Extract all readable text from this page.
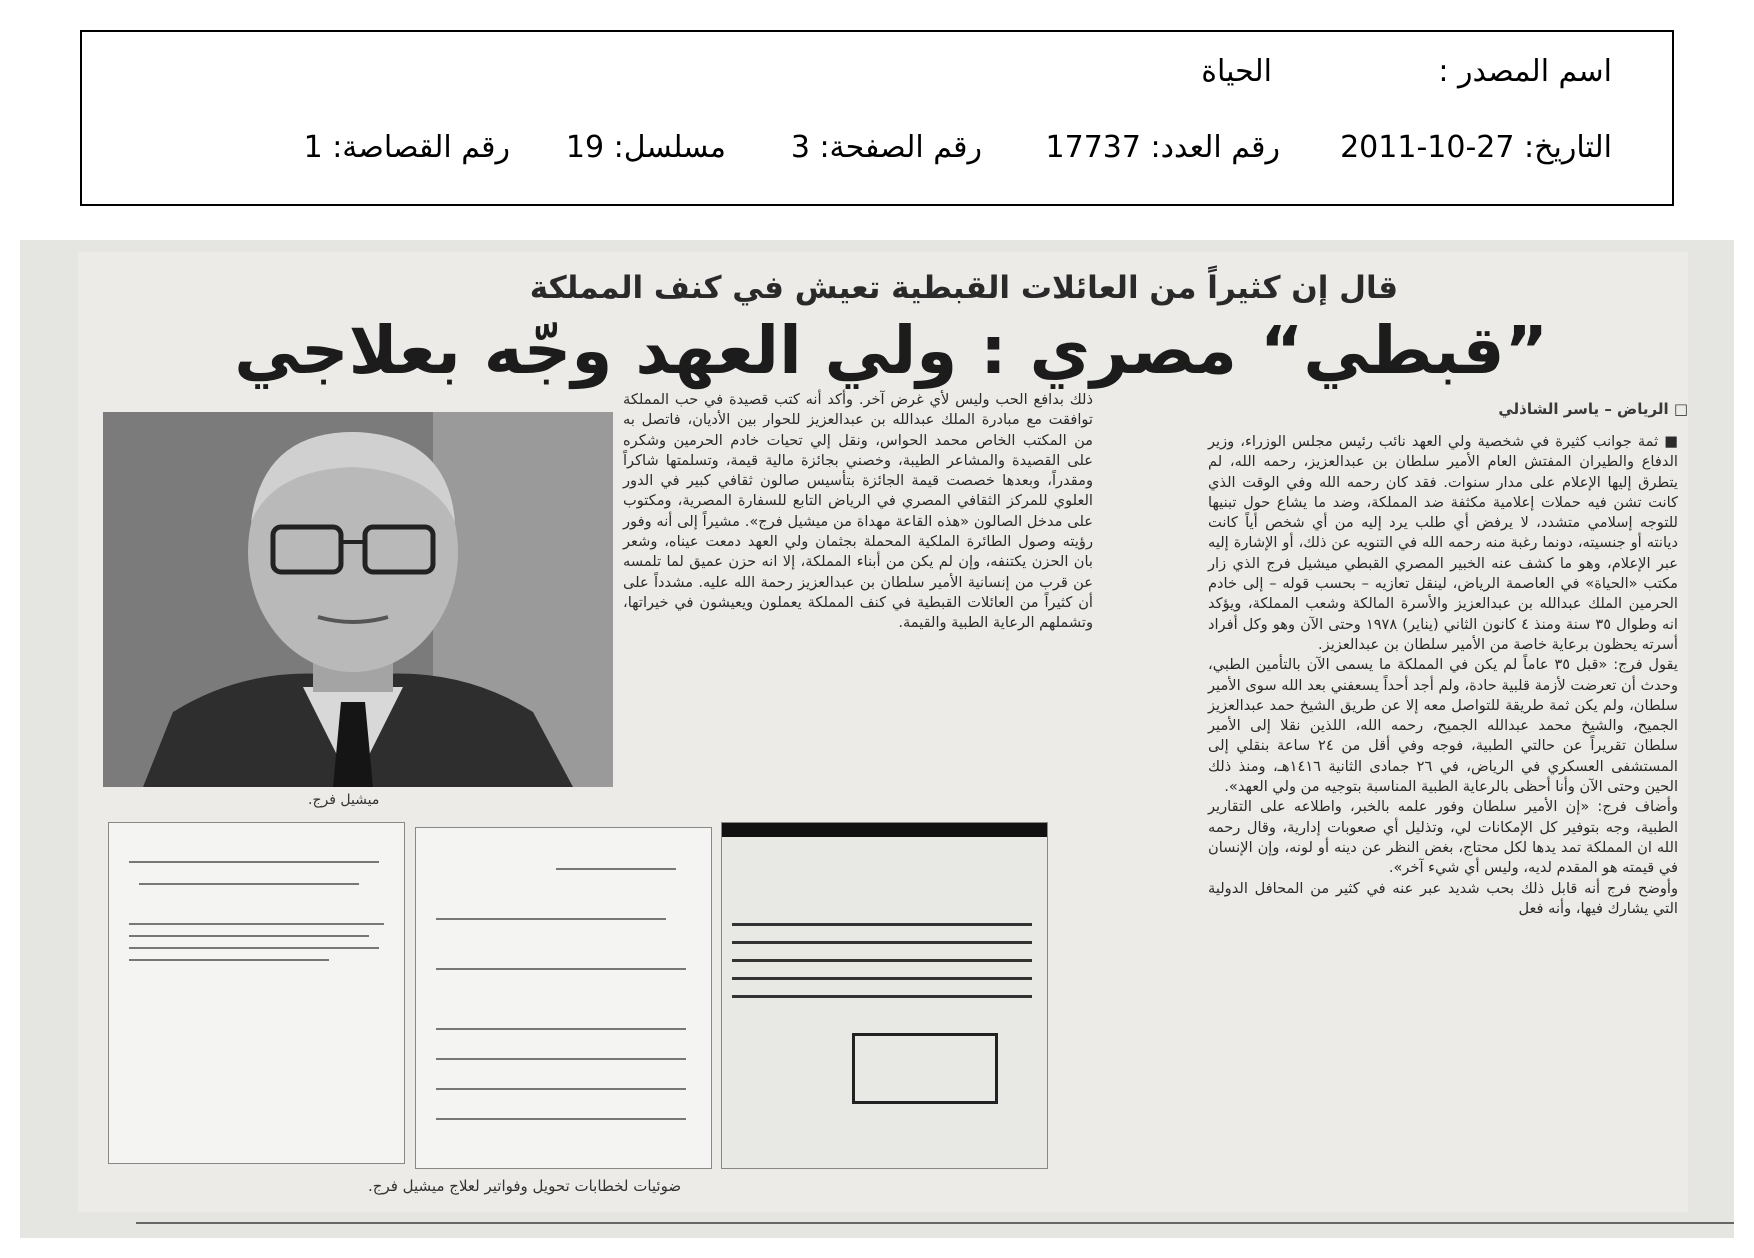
اسم المصدر :
الحياة
التاريخ: 27-10-2011
رقم العدد: 17737
رقم الصفحة: 3
مسلسل: 19
رقم القصاصة: 1
قال إن كثيراً من العائلات القبطية تعيش في كنف المملكة
”قبطي“ مصري : ولي العهد وجّه بعلاجي
□ الرياض – ياسر الشاذلي

■ ثمة جوانب كثيرة في شخصية ولي العهد نائب رئيس مجلس الوزراء، وزير الدفاع والطيران المفتش العام الأمير سلطان بن عبدالعزيز، رحمه الله، لم يتطرق إليها الإعلام على مدار سنوات. فقد كان رحمه الله وفي الوقت الذي كانت تشن فيه حملات إعلامية مكثفة ضد المملكة، وضد ما يشاع حول تبنيها للتوجه إسلامي متشدد، لا يرفض أي طلب يرد إليه من أي شخص أياً كانت ديانته أو جنسيته، دونما رغبة منه رحمه الله في التنويه عن ذلك، أو الإشارة إليه عبر الإعلام، وهو ما كشف عنه الخبير المصري القبطي ميشيل فرج الذي زار مكتب «الحياة» في العاصمة الرياض، لينقل تعازيه – بحسب قوله – إلى خادم الحرمين الملك عبدالله بن عبدالعزيز والأسرة المالكة وشعب المملكة، ويؤكد انه وطوال ٣٥ سنة ومنذ ٤ كانون الثاني (يناير) ١٩٧٨ وحتى الآن وهو وكل أفراد أسرته يحظون برعاية خاصة من الأمير سلطان بن عبدالعزيز.

يقول فرج: «قبل ٣٥ عاماً لم يكن في المملكة ما يسمى الآن بالتأمين الطبي، وحدث أن تعرضت لأزمة قلبية حادة، ولم أجد أحداً يسعفني بعد الله سوى الأمير سلطان، ولم يكن ثمة طريقة للتواصل معه إلا عن طريق الشيخ حمد عبدالعزيز الجميح، والشيخ محمد عبدالله الجميح، رحمه الله، اللذين نقلا إلى الأمير سلطان تقريراً عن حالتي الطبية، فوجه وفي أقل من ٢٤ ساعة بنقلي إلى المستشفى العسكري في الرياض، في ٢٦ جمادى الثانية ١٤١٦هـ، ومنذ ذلك الحين وحتى الآن وأنا أحظى بالرعاية الطبية المناسبة بتوجيه من ولي العهد».

وأضاف فرج: «إن الأمير سلطان وفور علمه بالخبر، واطلاعه على التقارير الطبية، وجه بتوفير كل الإمكانات لي، وتذليل أي صعوبات إدارية، وقال رحمه الله ان المملكة تمد يدها لكل محتاج، بغض النظر عن دينه أو لونه، وإن الإنسان في قيمته هو المقدم لديه، وليس أي شيء آخر».

وأوضح فرج أنه قابل ذلك بحب شديد عبر عنه في كثير من المحافل الدولية التي يشارك فيها، وأنه فعل

ذلك بدافع الحب وليس لأي غرض آخر. وأكد أنه كتب قصيدة في حب المملكة توافقت مع مبادرة الملك عبدالله بن عبدالعزيز للحوار بين الأديان، فاتصل به من المكتب الخاص محمد الحواس، ونقل إلي تحيات خادم الحرمين وشكره على القصيدة والمشاعر الطيبة، وخصني بجائزة مالية قيمة، وتسلمتها شاكراً ومقدراً، وبعدها خصصت قيمة الجائزة بتأسيس صالون ثقافي كبير في الدور العلوي للمركز الثقافي المصري في الرياض التابع للسفارة المصرية، ومكتوب على مدخل الصالون «هذه القاعة مهداة من ميشيل فرج». مشيراً إلى أنه وفور رؤيته وصول الطائرة الملكية المحملة بجثمان ولي العهد دمعت عيناه، وشعر بان الحزن يكتنفه، وإن لم يكن من أبناء المملكة، إلا انه حزن عميق لما تلمسه عن قرب من إنسانية الأمير سلطان بن عبدالعزيز رحمة الله عليه. مشدداً على أن كثيراً من العائلات القبطية في كنف المملكة يعملون ويعيشون في خيراتها، وتشملهم الرعاية الطبية والقيمة.

ميشيل فرج.
ضوئيات لخطابات تحويل وفواتير لعلاج ميشيل فرج.
